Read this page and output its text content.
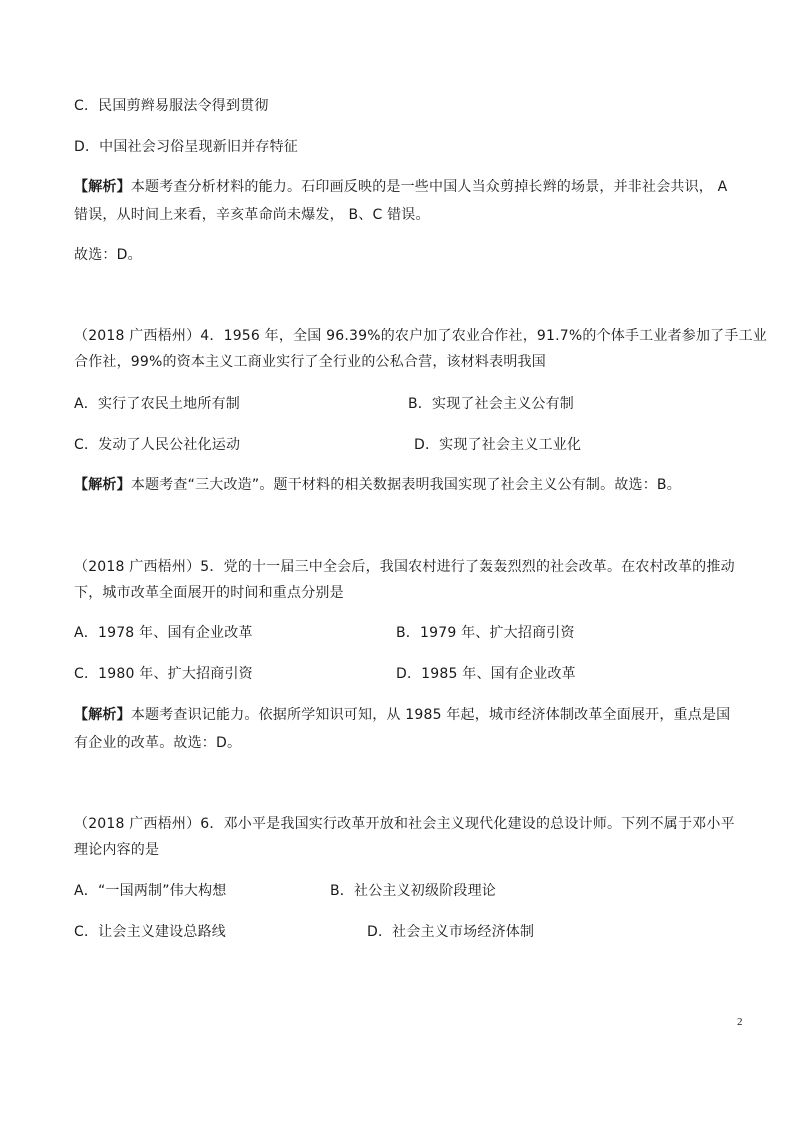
C．民国剪辫易服法令得到贯彻
D．中国社会习俗呈现新旧并存特征
【解析】本题考查分析材料的能力。石印画反映的是一些中国人当众剪掉长辫的场景，并非社会共识， A
错误，从时间上来看，辛亥革命尚未爆发， B、C 错误。
故选：D。
（2018 广西梧州）4．1956 年，全国 96.39%的农户加了农业合作社，91.7%的个体手工业者参加了手工业
合作社，99%的资本主义工商业实行了全行业的公私合营，该材料表明我国
A．实行了农民土地所有制	B．实现了社会主义公有制
C．发动了人民公社化运动	D．实现了社会主义工业化
【解析】本题考查“三大改造”。题干材料的相关数据表明我国实现了社会主义公有制。故选：B。
（2018 广西梧州）5．党的十一届三中全会后，我国农村进行了轰轰烈烈的社会改革。在农村改革的推动
下，城市改革全面展开的时间和重点分别是
A．1978 年、国有企业改革	B．1979 年、扩大招商引资
C．1980 年、扩大招商引资	D．1985 年、国有企业改革
【解析】本题考查识记能力。依据所学知识可知，从 1985 年起，城市经济体制改革全面展开，重点是国
有企业的改革。故选：D。
（2018 广西梧州）6．邓小平是我国实行改革开放和社会主义现代化建设的总设计师。下列不属于邓小平
理论内容的是
A．“一国两制”伟大构想	B．社公主义初级阶段理论
C．让会主义建设总路线	D．社会主义市场经济体制
2
